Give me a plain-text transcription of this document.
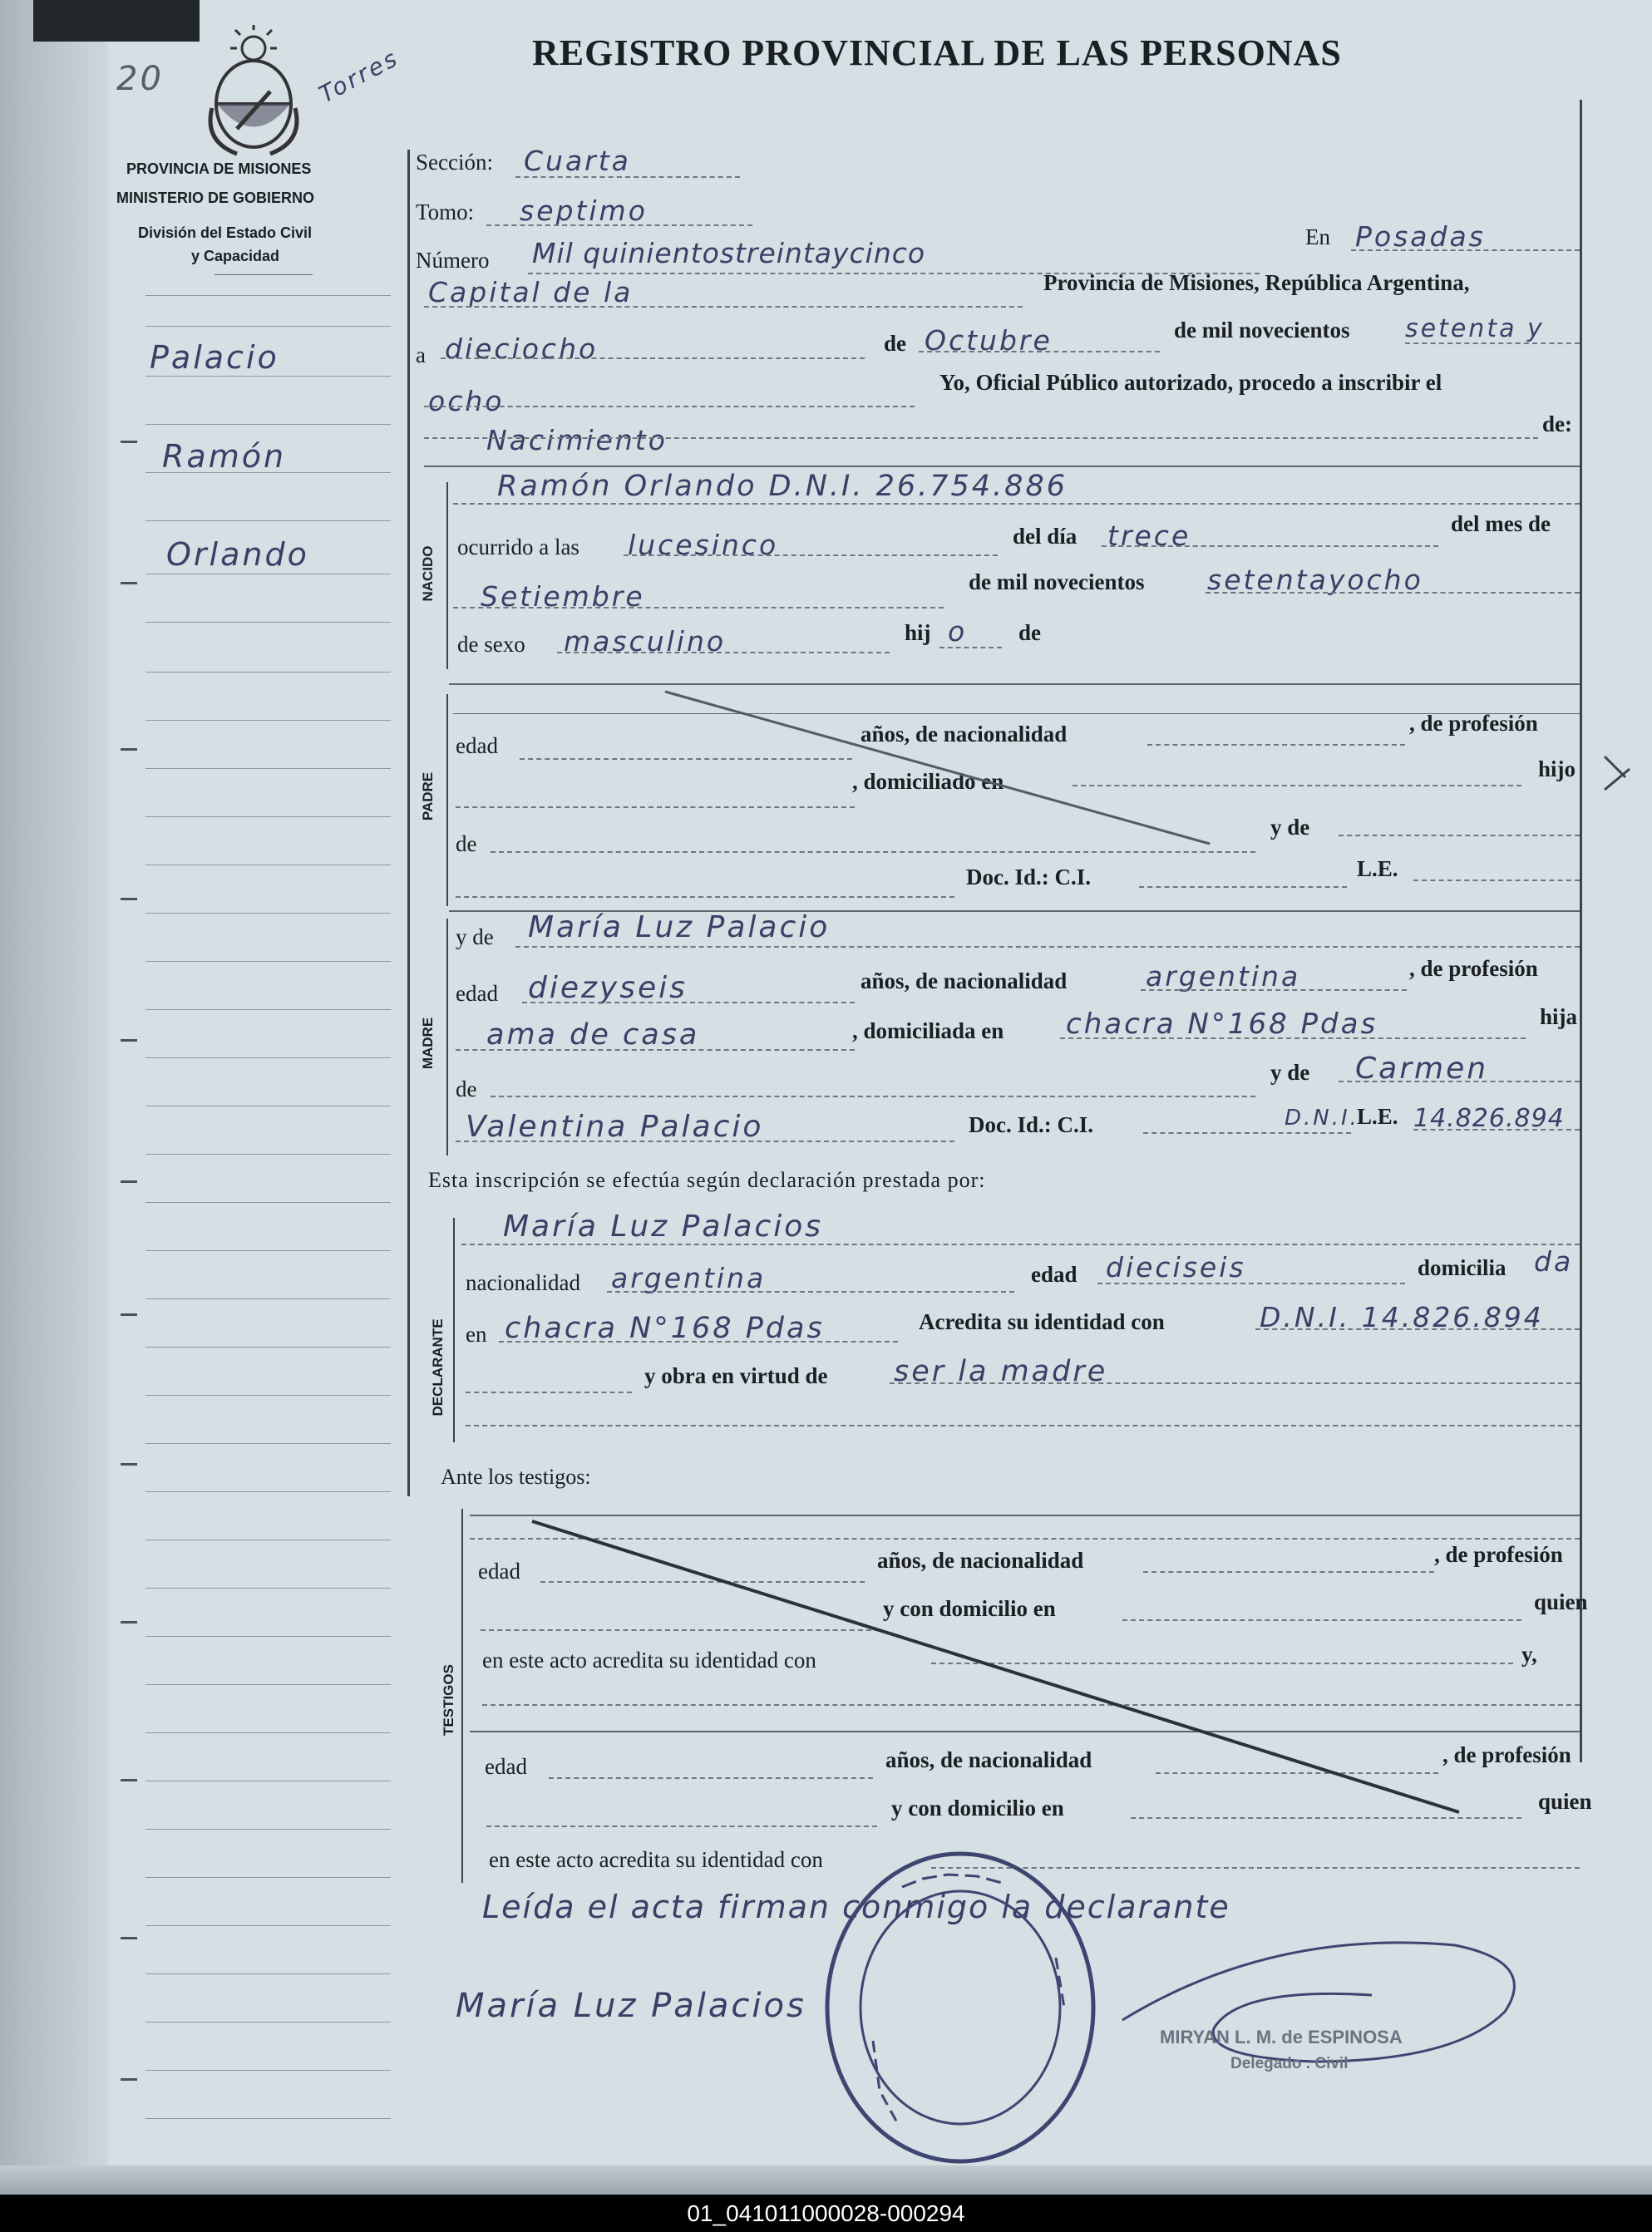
20	Torres	REGISTRO PROVINCIAL DE LAS PERSONAS
PROVINCIA DE MISIONES
MINISTERIO DE GOBIERNO
División del Estado Civil
y Capacidad
Palacio
Ramón
Orlando
Sección: Cuarta
Tomo: septimo
Número Mil quinientostreintaycinco	En Posadas
Capital de la	Provincia de Misiones, República Argentina,
a dieciocho	de Octubre	de mil novecientos setenta y
ocho
Yo, Oficial Público autorizado, procedo a inscribir el
Nacimiento	de:
NACIDO
Ramón Orlando D.N.I. 26.754.886
ocurrido a las lucesinco	del día trece	del mes de
Setiembre	de mil novecientos setentayocho
de sexo masculino	hij o de
PADRE
edad	años, de nacionalidad	, de profesión
, domiciliado en	hijo
de
y de
Doc. Id.: C.I.	L.E.
MADRE
y de María Luz Palacio
edad diezyseis	años, de nacionalidad	argentina	, de profesión
ama de casa	, domiciliada en chacra N°168 Pdas	hija
de
y de Carmen
Valentina Palacio	Doc. Id.: C.I.	D.N.I.
L.E. 14.826.894
Esta inscripción se efectúa según declaración prestada por:
DECLARANTE
María Luz Palacios
nacionalidad argentina	edad dieciseis	domicilia da
en chacra N°168 Pdas	Acredita su identidad con	D.N.I. 14.826.894
y obra en virtud de ser la madre
Ante los testigos:
TESTIGOS
edad	años, de nacionalidad	, de profesión
y con domicilio en	quien
en este acto acredita su identidad con	y,
edad	años, de nacionalidad	, de profesión
y con domicilio en	quien
en este acto acredita su identidad con
Leída el acta firman conmigo la declarante
María Luz Palacios
MIRYAN L. M. de ESPINOSA
Delegado . Civil
01_041011000028-000294
